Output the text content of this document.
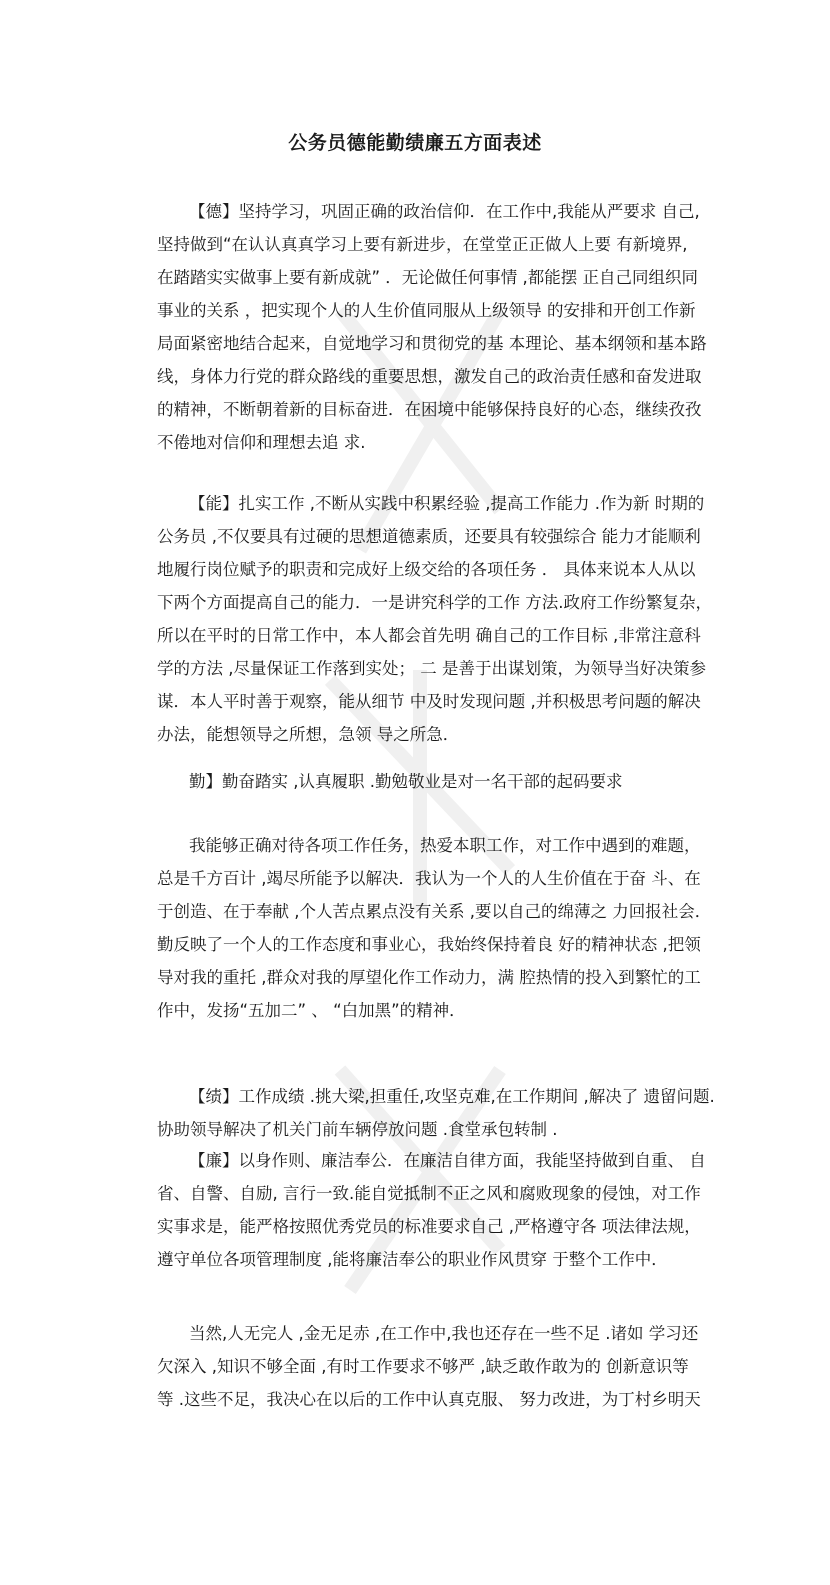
公务员德能勤绩廉五方面表述
【德】坚持学习，巩固正确的政治信仰．在工作中,我能从严要求 自己,
坚持做到“在认认真真学习上要有新进步，在堂堂正正做人上要 有新境界,
在踏踏实实做事上要有新成就” ．无论做任何事情 ,都能摆 正自己同组织同
事业的关系 ，把实现个人的人生价值同服从上级领导 的安排和开创工作新
局面紧密地结合起来，自觉地学习和贯彻党的基 本理论、基本纲领和基本路
线，身体力行党的群众路线的重要思想，激发自己的政治责任感和奋发进取
的精神，不断朝着新的目标奋进．在困境中能够保持良好的心态，继续孜孜
不倦地对信仰和理想去追 求.
【能】扎实工作 ,不断从实践中积累经验 ,提高工作能力 .作为新 时期的
公务员 ,不仅要具有过硬的思想道德素质，还要具有较强综合 能力才能顺利
地履行岗位赋予的职责和完成好上级交给的各项任务 ． 具体来说本人从以
下两个方面提高自己的能力．一是讲究科学的工作 方法.政府工作纷繁复杂，
所以在平时的日常工作中，本人都会首先明 确自己的工作目标 ,非常注意科
学的方法 ,尽量保证工作落到实处； 二 是善于出谋划策，为领导当好决策参
谋．本人平时善于观察，能从细节 中及时发现问题 ,并积极思考问题的解决
办法，能想领导之所想，急领 导之所急．
勤】勤奋踏实 ,认真履职 .勤勉敬业是对一名干部的起码要求
我能够正确对待各项工作任务，热爱本职工作，对工作中遇到的难题，
总是千方百计 ,竭尽所能予以解决．我认为一个人的人生价值在于奋 斗、在
于创造、在于奉献 ,个人苦点累点没有关系 ,要以自己的绵薄之 力回报社会．
勤反映了一个人的工作态度和事业心，我始终保持着良 好的精神状态 ,把领
导对我的重托 ,群众对我的厚望化作工作动力，满 腔热情的投入到繁忙的工
作中，发扬“五加二” 、 “白加黑”的精神．
【绩】工作成绩 .挑大梁,担重任,攻坚克难,在工作期间 ,解决了 遗留问题.
协助领导解决了机关门前车辆停放问题 .食堂承包转制 .
【廉】以身作则、廉洁奉公．在廉洁自律方面，我能坚持做到自重、 自
省、自警、自励, 言行一致.能自觉抵制不正之风和腐败现象的侵蚀，对工作
实事求是，能严格按照优秀党员的标准要求自己 ,严格遵守各 项法律法规，
遵守单位各项管理制度 ,能将廉洁奉公的职业作风贯穿 于整个工作中．
当然,人无完人 ,金无足赤 ,在工作中,我也还存在一些不足 .诸如 学习还
欠深入 ,知识不够全面 ,有时工作要求不够严 ,缺乏敢作敢为的 创新意识等
等 .这些不足，我决心在以后的工作中认真克服、 努力改进，为丁村乡明天
